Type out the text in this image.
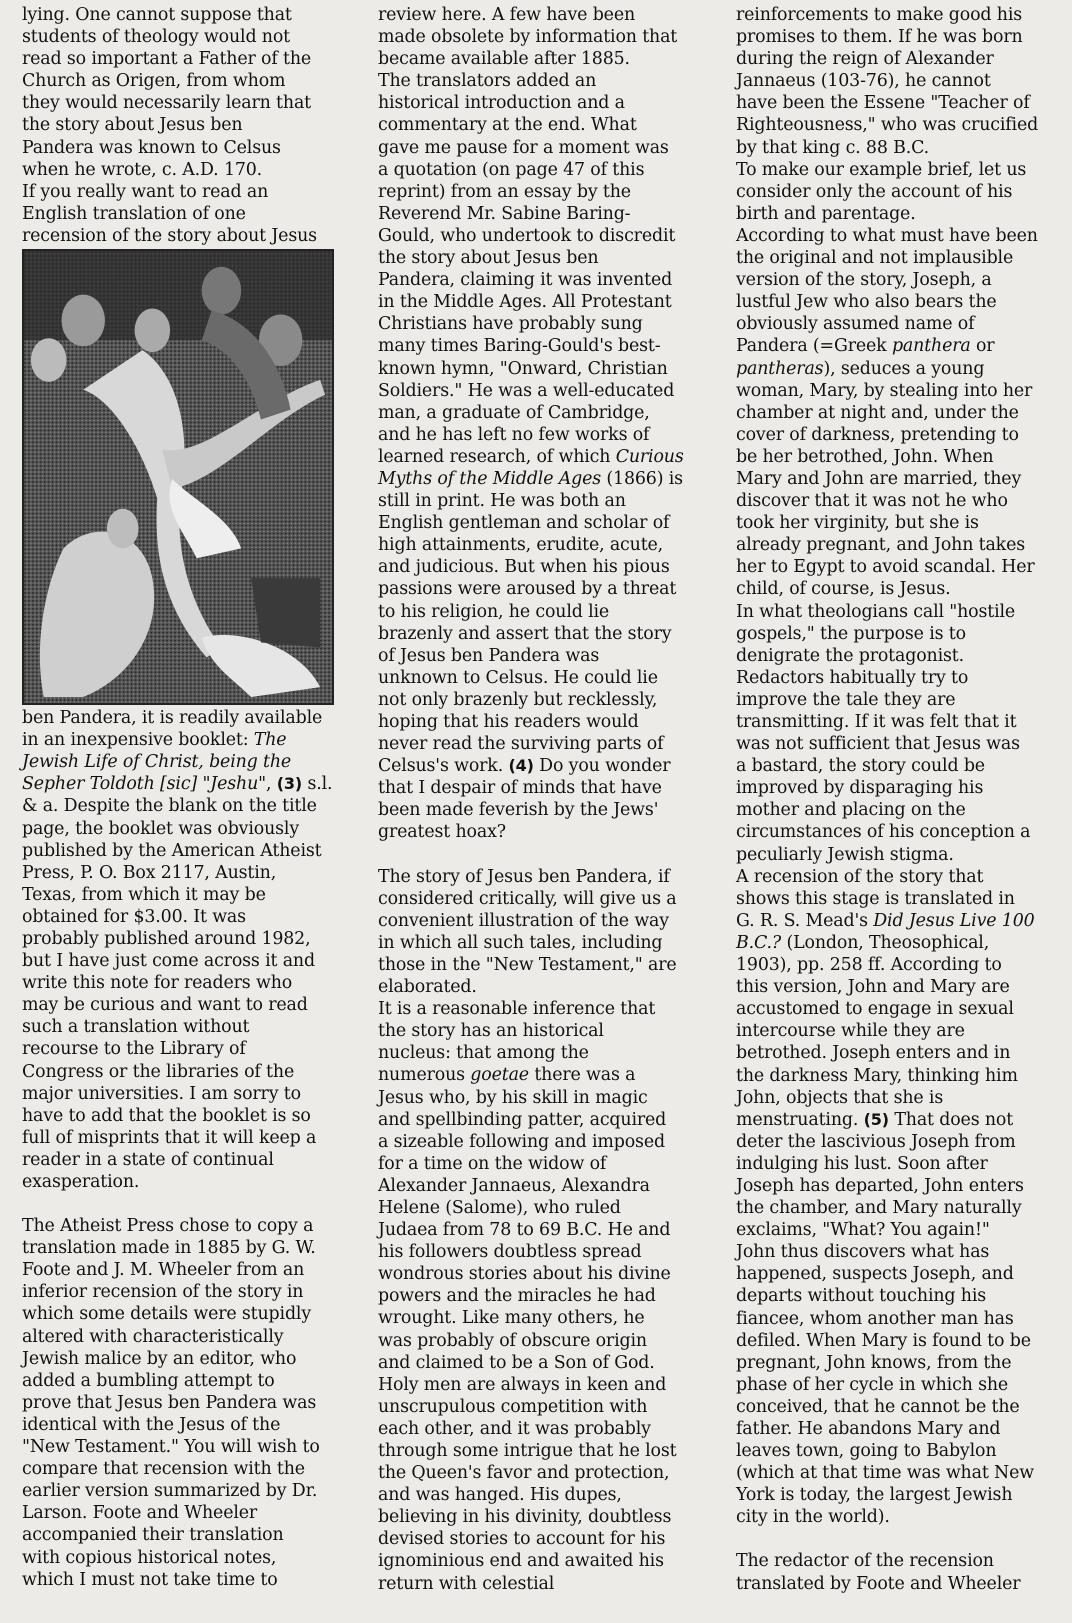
lying. One cannot suppose that
students of theology would not
read so important a Father of the
Church as Origen, from whom
they would necessarily learn that
the story about Jesus ben
Pandera was known to Celsus
when he wrote, c. A.D. 170.

If you really want to read an
English translation of one
recension of the story about Jesus

ben Pandera, it is readily available
in an inexpensive booklet: The
Jewish Life of Christ, being the
Sepher Toldoth [sic] "Jeshu", (3) s.l.
& a. Despite the blank on the title
page, the booklet was obviously
published by the American Atheist
Press, P. O. Box 2117, Austin,
Texas, from which it may be
obtained for $3.00. It was
probably published around 1982,
but I have just come across it and
write this note for readers who
may be curious and want to read
such a translation without
recourse to the Library of
Congress or the libraries of the
major universities. I am sorry to
have to add that the booklet is so
full of misprints that it will keep a
reader in a state of continual
exasperation.

The Atheist Press chose to copy a
translation made in 1885 by G. W.
Foote and J. M. Wheeler from an
inferior recension of the story in
which some details were stupidly
altered with characteristically
Jewish malice by an editor, who
added a bumbling attempt to
prove that Jesus ben Pandera was
identical with the Jesus of the
"New Testament." You will wish to
compare that recension with the
earlier version summarized by Dr.
Larson. Foote and Wheeler
accompanied their translation
with copious historical notes,
which I must not take time to

review here. A few have been
made obsolete by information that
became available after 1885.
The translators added an
historical introduction and a
commentary at the end. What
gave me pause for a moment was
a quotation (on page 47 of this
reprint) from an essay by the
Reverend Mr. Sabine Baring-
Gould, who undertook to discredit
the story about Jesus ben
Pandera, claiming it was invented
in the Middle Ages. All Protestant
Christians have probably sung
many times Baring-Gould's best-
known hymn, "Onward, Christian
Soldiers." He was a well-educated
man, a graduate of Cambridge,
and he has left no few works of
learned research, of which Curious
Myths of the Middle Ages (1866) is
still in print. He was both an
English gentleman and scholar of
high attainments, erudite, acute,
and judicious. But when his pious
passions were aroused by a threat
to his religion, he could lie
brazenly and assert that the story
of Jesus ben Pandera was
unknown to Celsus. He could lie
not only brazenly but recklessly,
hoping that his readers would
never read the surviving parts of
Celsus's work. (4) Do you wonder
that I despair of minds that have
been made feverish by the Jews'
greatest hoax?

The story of Jesus ben Pandera, if
considered critically, will give us a
convenient illustration of the way
in which all such tales, including
those in the "New Testament," are
elaborated.

It is a reasonable inference that
the story has an historical
nucleus: that among the
numerous goetae there was a
Jesus who, by his skill in magic
and spellbinding patter, acquired
a sizeable following and imposed
for a time on the widow of
Alexander Jannaeus, Alexandra
Helene (Salome), who ruled
Judaea from 78 to 69 B.C. He and
his followers doubtless spread
wondrous stories about his divine
powers and the miracles he had
wrought. Like many others, he
was probably of obscure origin
and claimed to be a Son of God.
Holy men are always in keen and
unscrupulous competition with
each other, and it was probably
through some intrigue that he lost
the Queen's favor and protection,
and was hanged. His dupes,
believing in his divinity, doubtless
devised stories to account for his
ignominious end and awaited his
return with celestial

reinforcements to make good his
promises to them. If he was born
during the reign of Alexander
Jannaeus (103-76), he cannot
have been the Essene "Teacher of
Righteousness," who was crucified
by that king c. 88 B.C.

To make our example brief, let us
consider only the account of his
birth and parentage.

According to what must have been
the original and not implausible
version of the story, Joseph, a
lustful Jew who also bears the
obviously assumed name of
Pandera (=Greek panthera or
pantheras), seduces a young
woman, Mary, by stealing into her
chamber at night and, under the
cover of darkness, pretending to
be her betrothed, John. When
Mary and John are married, they
discover that it was not he who
took her virginity, but she is
already pregnant, and John takes
her to Egypt to avoid scandal. Her
child, of course, is Jesus.

In what theologians call "hostile
gospels," the purpose is to
denigrate the protagonist.
Redactors habitually try to
improve the tale they are
transmitting. If it was felt that it
was not sufficient that Jesus was
a bastard, the story could be
improved by disparaging his
mother and placing on the
circumstances of his conception a
peculiarly Jewish stigma.

A recension of the story that
shows this stage is translated in
G. R. S. Mead's Did Jesus Live 100
B.C.? (London, Theosophical,
1903), pp. 258 ff. According to
this version, John and Mary are
accustomed to engage in sexual
intercourse while they are
betrothed. Joseph enters and in
the darkness Mary, thinking him
John, objects that she is
menstruating. (5) That does not
deter the lascivious Joseph from
indulging his lust. Soon after
Joseph has departed, John enters
the chamber, and Mary naturally
exclaims, "What? You again!"
John thus discovers what has
happened, suspects Joseph, and
departs without touching his
fiancee, whom another man has
defiled. When Mary is found to be
pregnant, John knows, from the
phase of her cycle in which she
conceived, that he cannot be the
father. He abandons Mary and
leaves town, going to Babylon
(which at that time was what New
York is today, the largest Jewish
city in the world).

The redactor of the recension
translated by Foote and Wheeler
